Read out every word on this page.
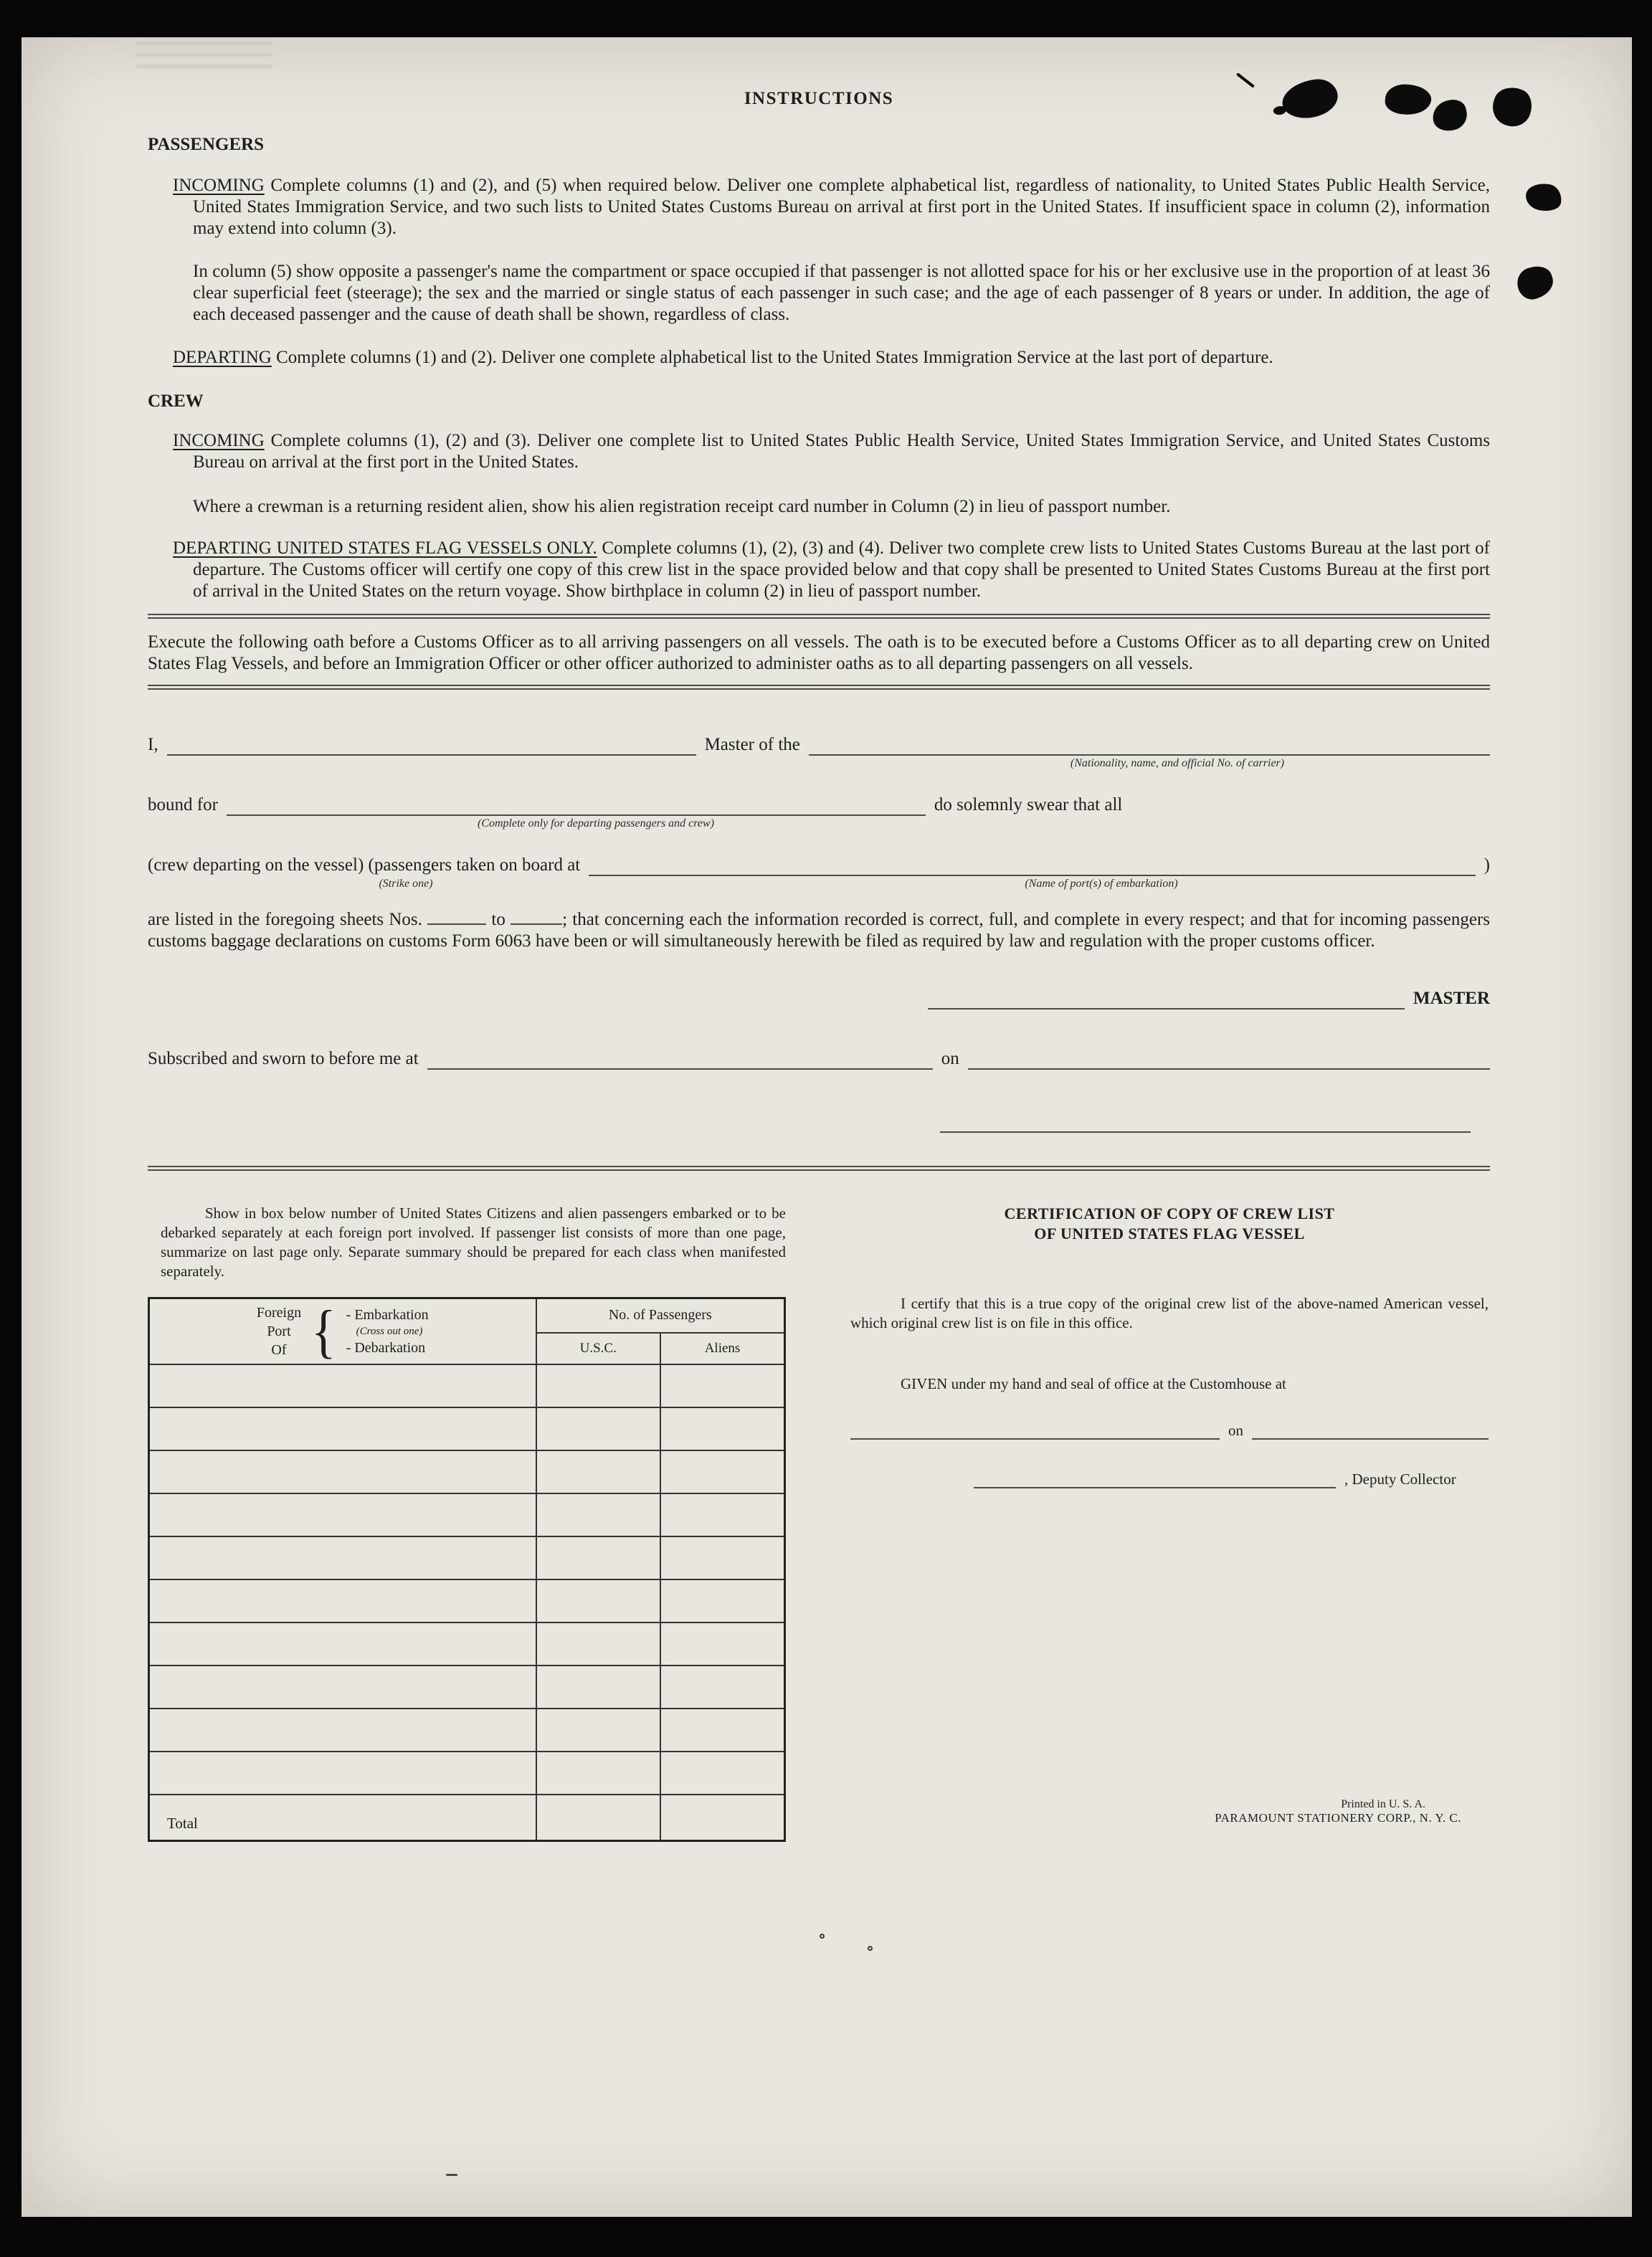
INSTRUCTIONS
PASSENGERS

INCOMING Complete columns (1) and (2), and (5) when required below. Deliver one complete alphabetical list, regardless of nationality, to United States Public Health Service, United States Immigration Service, and two such lists to United States Customs Bureau on arrival at first port in the United States. If insufficient space in column (2), information may extend into column (3).

In column (5) show opposite a passenger's name the compartment or space occupied if that passenger is not allotted space for his or her exclusive use in the proportion of at least 36 clear superficial feet (steerage); the sex and the married or single status of each passenger in such case; and the age of each passenger of 8 years or under. In addition, the age of each deceased passenger and the cause of death shall be shown, regardless of class.

DEPARTING Complete columns (1) and (2). Deliver one complete alphabetical list to the United States Immigration Service at the last port of departure.

CREW

INCOMING Complete columns (1), (2) and (3). Deliver one complete list to United States Public Health Service, United States Immigration Service, and United States Customs Bureau on arrival at the first port in the United States.

Where a crewman is a returning resident alien, show his alien registration receipt card number in Column (2) in lieu of passport number.

DEPARTING UNITED STATES FLAG VESSELS ONLY. Complete columns (1), (2), (3) and (4). Deliver two complete crew lists to United States Customs Bureau at the last port of departure. The Customs officer will certify one copy of this crew list in the space provided below and that copy shall be presented to United States Customs Bureau at the first port of arrival in the United States on the return voyage. Show birthplace in column (2) in lieu of passport number.

Execute the following oath before a Customs Officer as to all arriving passengers on all vessels. The oath is to be executed before a Customs Officer as to all departing crew on United States Flag Vessels, and before an Immigration Officer or other officer authorized to administer oaths as to all departing passengers on all vessels.

I,	Master of the
(Nationality, name, and official No. of carrier)
bound for	do solemnly swear that all
(Complete only for departing passengers and crew)
(crew departing on the vessel) (passengers taken on board at	)
(Strike one)	(Name of port(s) of embarkation)

are listed in the foregoing sheets Nos.	to	; that concerning each the information recorded is correct, full, and complete in every respect; and that for incoming passengers customs baggage declarations on customs Form 6063 have been or will simultaneously herewith be filed as required by law and regulation with the proper customs officer.

MASTER
Subscribed and sworn to before me at	on

Show in box below number of United States Citizens and alien passengers embarked or to be debarked separately at each foreign port involved. If passenger list consists of more than one page, summarize on last page only. Separate summary should be prepared for each class when manifested separately.

Foreign
Port
Of { - Embarkation
(Cross out one)
- Debarkation
	No. of Passengers
	U.S.C.	Aliens

Total		
CERTIFICATION OF COPY OF CREW LIST
OF UNITED STATES FLAG VESSEL

I certify that this is a true copy of the original crew list of the above-named American vessel, which original crew list is on file in this office.

GIVEN under my hand and seal of office at the Customhouse at

on
, Deputy Collector
Printed in U. S. A.
PARAMOUNT STATIONERY CORP., N. Y. C.
